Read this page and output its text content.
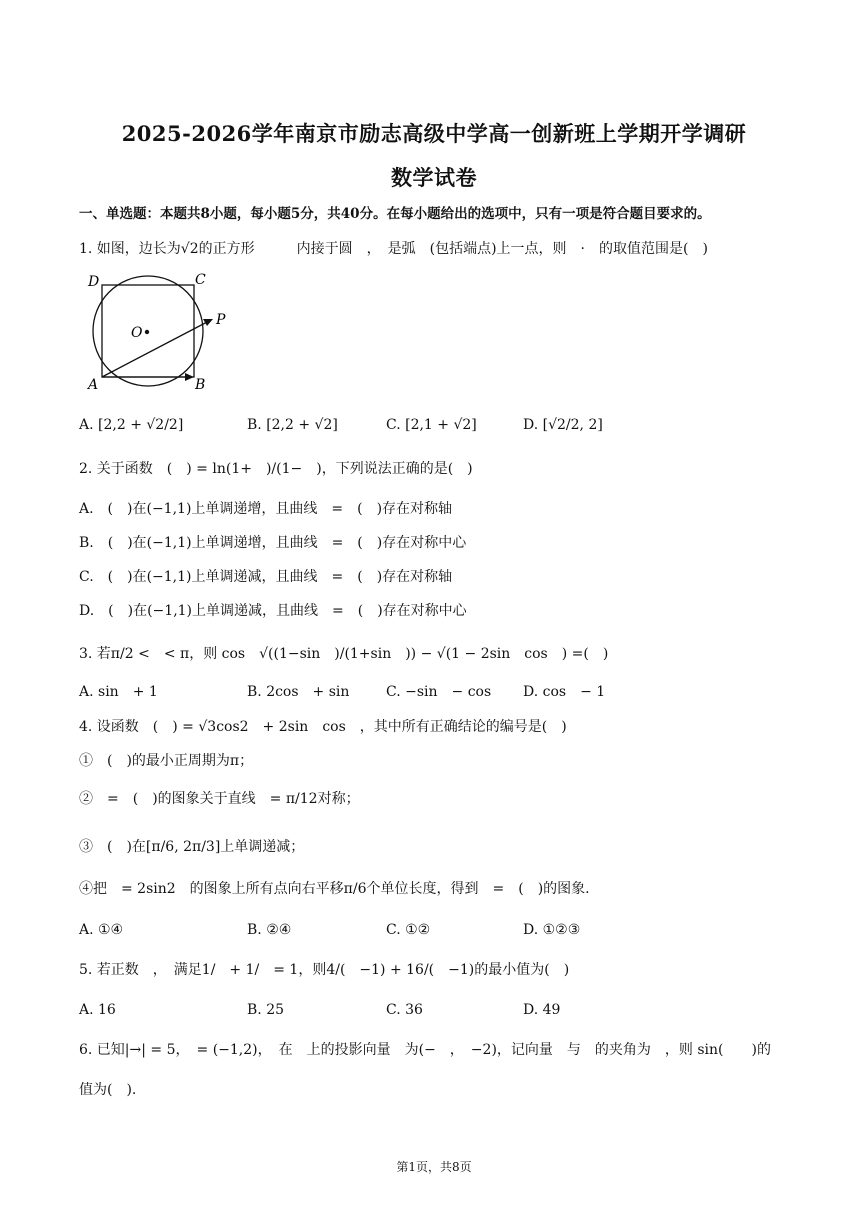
2025-2026学年南京市励志高级中学高一创新班上学期开学调研
数学试卷
一、单选题：本题共8小题，每小题5分，共40分。在每小题给出的选项中，只有一项是符合题目要求的。
1. 如图，边长为√2的正方形　　　内接于圆　，　是弧　(包括端点)上一点，则　·　的取值范围是(　)
D	C
O
P
A	B
A. [2,2 + √2/2]	B. [2,2 + √2]	C. [2,1 + √2]	D. [√2/2, 2]
2. 关于函数　(　) = ln(1+　)/(1−　)，下列说法正确的是(　)
A.　(　)在(−1,1)上单调递增，且曲线　=　(　)存在对称轴
B.　(　)在(−1,1)上单调递增，且曲线　=　(　)存在对称中心
C.　(　)在(−1,1)上单调递减，且曲线　=　(　)存在对称轴
D.　(　)在(−1,1)上单调递减，且曲线　=　(　)存在对称中心
3. 若π/2 <　< π，则 cos　√((1−sin　)/(1+sin　)) − √(1 − 2sin　cos　) =(　)
A. sin　+ 1	B. 2cos　+ sin	C. −sin　− cos D. cos　− 1
4. 设函数　(　) = √3cos2　+ 2sin　cos　，其中所有正确结论的编号是(　)
①　(　)的最小正周期为π；
②　=　(　)的图象关于直线　= π/12对称；
③　(　)在[π/6, 2π/3]上单调递减；
④把　= 2sin2　的图象上所有点向右平移π/6个单位长度，得到　=　(　)的图象.
A. ①④	B. ②④	C. ①②	D. ①②③
5. 若正数　，　满足1/　+ 1/　= 1，则4/(　−1) + 16/(　−1)的最小值为(　)
A. 16	B. 25	C. 36	D. 49
6. 已知|→| = 5，　= (−1,2)，　在　上的投影向量　为(−　，　−2)，记向量　与　的夹角为　，则 sin(　　)的
值为(　).
第1页，共8页
